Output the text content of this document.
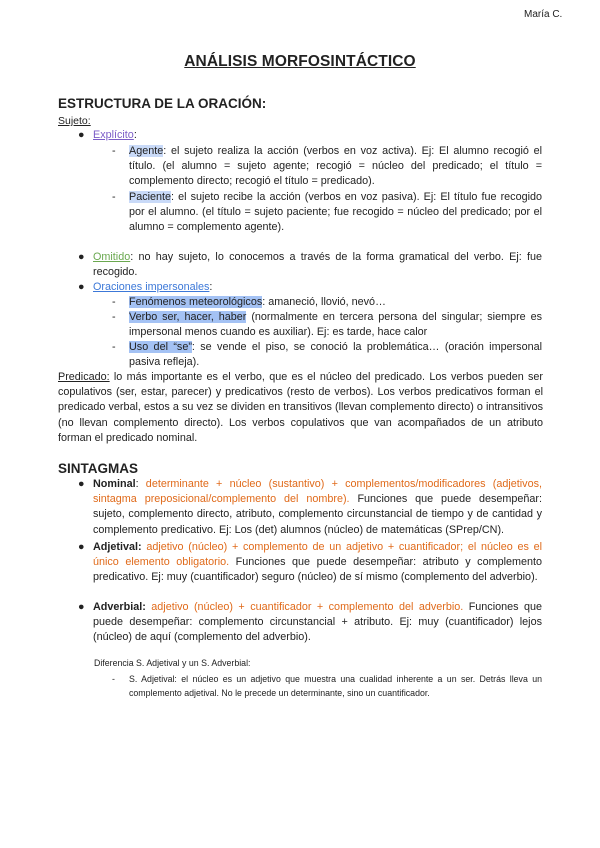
María C.
ANÁLISIS MORFOSINTÁCTICO
ESTRUCTURA DE LA ORACIÓN:
Sujeto:
● Explícito:
- Agente: el sujeto realiza la acción (verbos en voz activa). Ej: El alumno recogió el título. (el alumno = sujeto agente; recogió = núcleo del predicado; el título = complemento directo; recogió el título = predicado).
- Paciente: el sujeto recibe la acción (verbos en voz pasiva). Ej: El título fue recogido por el alumno. (el título = sujeto paciente; fue recogido = núcleo del predicado; por el alumno = complemento agente).
● Omitido: no hay sujeto, lo conocemos a través de la forma gramatical del verbo. Ej: fue recogido.
● Oraciones impersonales:
- Fenómenos meteorológicos: amaneció, llovió, nevó…
- Verbo ser, hacer, haber (normalmente en tercera persona del singular; siempre es impersonal menos cuando es auxiliar). Ej: es tarde, hace calor
- Uso del “se”: se vende el piso, se conoció la problemática… (oración impersonal pasiva refleja).
Predicado: lo más importante es el verbo, que es el núcleo del predicado. Los verbos pueden ser copulativos (ser, estar, parecer) y predicativos (resto de verbos). Los verbos predicativos forman el predicado verbal, estos a su vez se dividen en transitivos (llevan complemento directo) o intransitivos (no llevan complemento directo). Los verbos copulativos que van acompañados de un atributo forman el predicado nominal.
SINTAGMAS
● Nominal: determinante + núcleo (sustantivo) + complementos/modificadores (adjetivos, sintagma preposicional/complemento del nombre). Funciones que puede desempeñar: sujeto, complemento directo, atributo, complemento circunstancial de tiempo y de cantidad y complemento predicativo. Ej: Los (det) alumnos (núcleo) de matemáticas (SPrep/CN).
● Adjetival: adjetivo (núcleo) + complemento de un adjetivo + cuantificador; el núcleo es el único elemento obligatorio. Funciones que puede desempeñar: atributo y complemento predicativo. Ej: muy (cuantificador) seguro (núcleo) de sí mismo (complemento del adverbio).
● Adverbial: adjetivo (núcleo) + cuantificador + complemento del adverbio. Funciones que puede desempeñar: complemento circunstancial + atributo. Ej: muy (cuantificador) lejos (núcleo) de aquí (complemento del adverbio).
Diferencia S. Adjetival y un S. Adverbial:
- S. Adjetival: el núcleo es un adjetivo que muestra una cualidad inherente a un ser. Detrás lleva un complemento adjetival. No le precede un determinante, sino un cuantificador.
